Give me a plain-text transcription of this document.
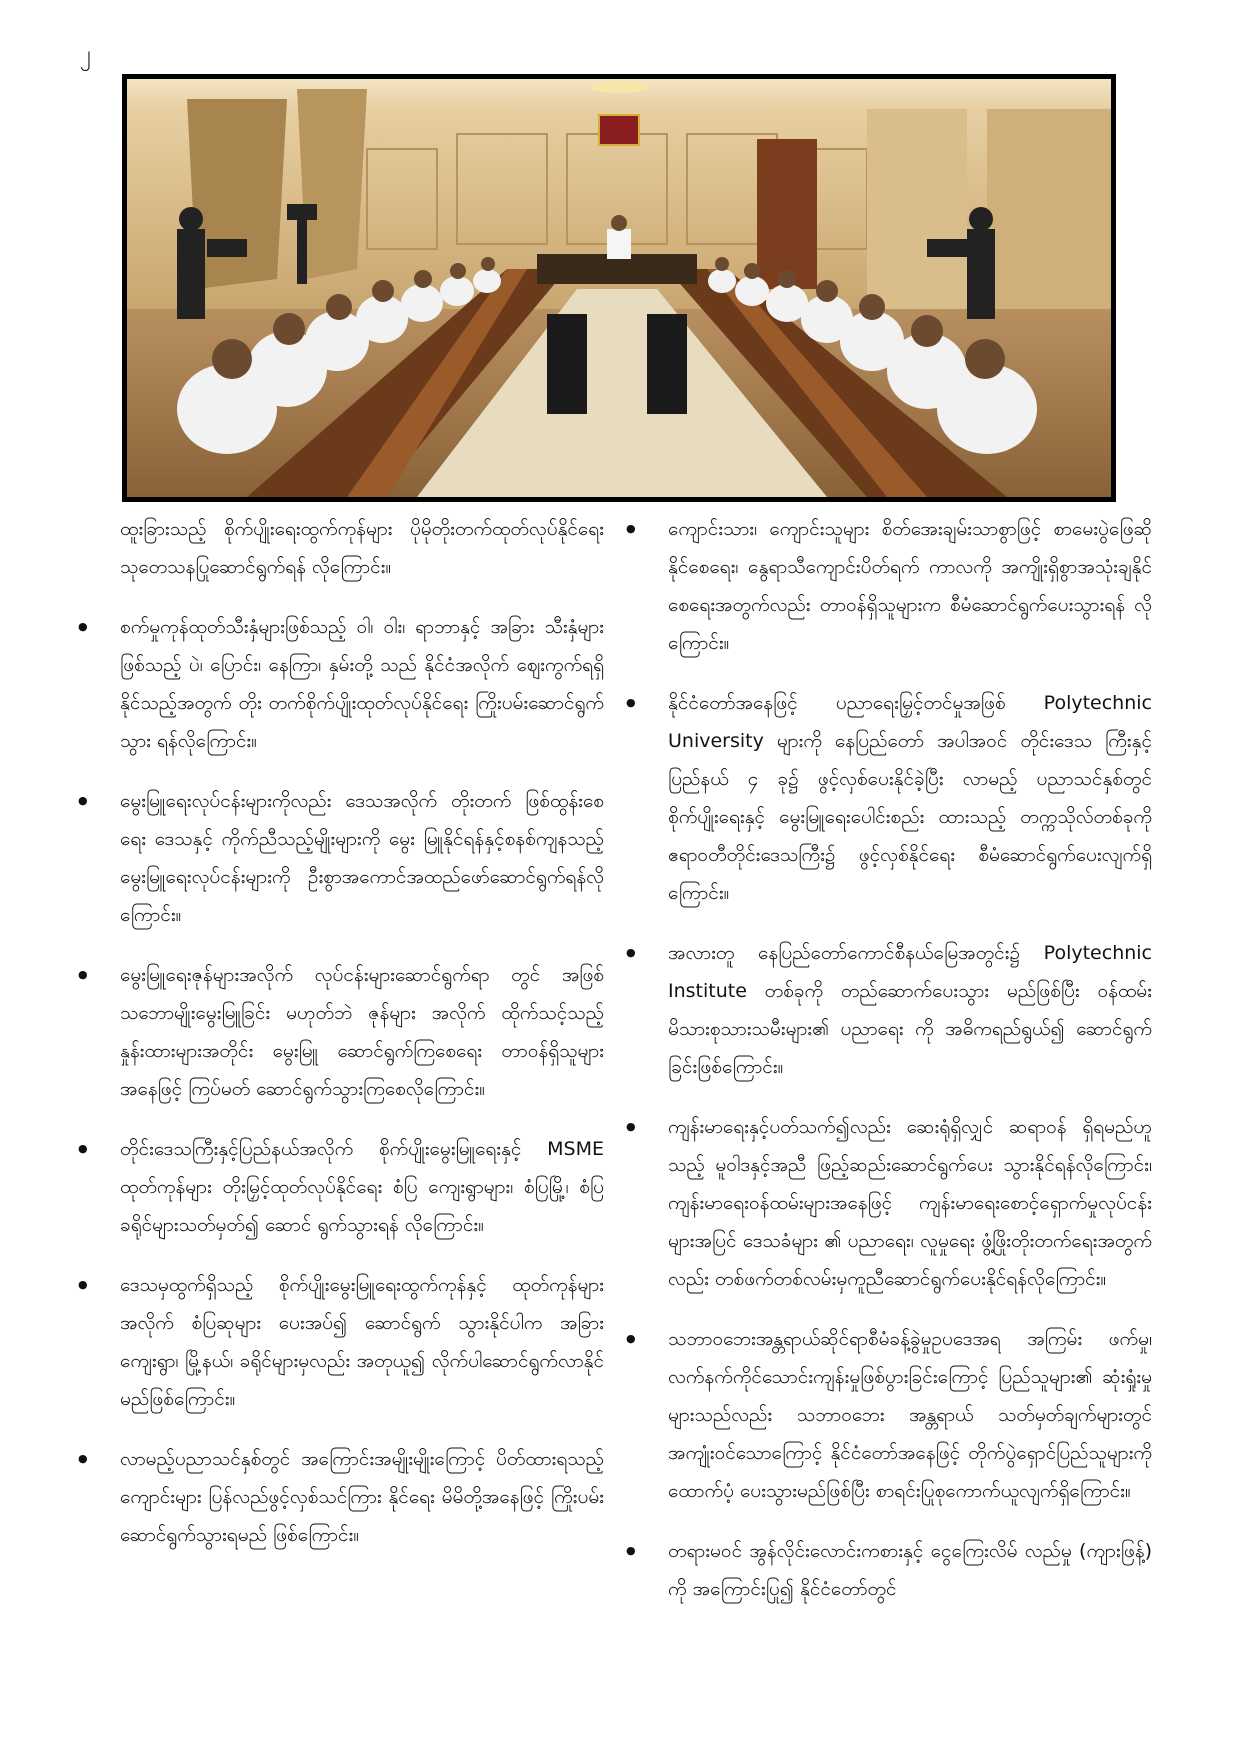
၂

ထူးခြားသည့် စိုက်ပျိုးရေးထွက်ကုန်များ ပိုမိုတိုးတက်ထုတ်လုပ်နိုင်ရေးသုတေသနပြုဆောင်ရွက်ရန် လိုကြောင်း။

● စက်မှုကုန်ထုတ်သီးနှံများဖြစ်သည့် ဝါ၊ ဝါး၊ ရာဘာနှင့် အခြား သီးနှံများဖြစ်သည့် ပဲ၊ ပြောင်း၊ နေကြာ၊ နှမ်းတို့ သည် နိုင်ငံအလိုက် ဈေးကွက်ရရှိနိုင်သည့်အတွက် တိုး တက်စိုက်ပျိုးထုတ်လုပ်နိုင်ရေး ကြိုးပမ်းဆောင်ရွက်သွား ရန်လိုကြောင်း။

● မွေးမြူရေးလုပ်ငန်းများကိုလည်း ဒေသအလိုက် တိုးတက် ဖြစ်ထွန်းစေရေး ဒေသနှင့် ကိုက်ညီသည့်မျိုးများကို မွေး မြူနိုင်ရန်နှင့်စနစ်ကျနသည့် မွေးမြူရေးလုပ်ငန်းများကို ဦးစွာအကောင်အထည်ဖော်ဆောင်ရွက်ရန်လိုကြောင်း။

● မွေးမြူရေးဇုန်များအလိုက် လုပ်ငန်းများဆောင်ရွက်ရာ တွင် အဖြစ်သဘောမျိုးမွေးမြူခြင်း မဟုတ်ဘဲ ဇုန်များ အလိုက် ထိုက်သင့်သည့်နှုန်းထားများအတိုင်း မွေးမြူ ဆောင်ရွက်ကြစေရေး တာဝန်ရှိသူများအနေဖြင့် ကြပ်မတ် ဆောင်ရွက်သွားကြစေလိုကြောင်း။

● တိုင်းဒေသကြီးနှင့်ပြည်နယ်အလိုက် စိုက်ပျိုးမွေးမြူရေးနှင့် MSME ထုတ်ကုန်များ တိုးမြှင့်ထုတ်လုပ်နိုင်ရေး စံပြ ကျေးရွာများ၊ စံပြမြို့၊ စံပြခရိုင်များသတ်မှတ်၍ ဆောင် ရွက်သွားရန် လိုကြောင်း။

● ဒေသမှထွက်ရှိသည့် စိုက်ပျိုးမွေးမြူရေးထွက်ကုန်နှင့် ထုတ်ကုန်များအလိုက် စံပြဆုများ ပေးအပ်၍ ဆောင်ရွက် သွားနိုင်ပါက အခြားကျေးရွာ၊ မြို့နယ်၊ ခရိုင်များမှလည်း အတုယူ၍ လိုက်ပါဆောင်ရွက်လာနိုင်မည်ဖြစ်ကြောင်း။

● လာမည့်ပညာသင်နှစ်တွင် အကြောင်းအမျိုးမျိုးကြောင့် ပိတ်ထားရသည့်ကျောင်းများ ပြန်လည်ဖွင့်လှစ်သင်ကြား နိုင်ရေး မိမိတို့အနေဖြင့် ကြိုးပမ်းဆောင်ရွက်သွားရမည် ဖြစ်ကြောင်း။

● ကျောင်းသား၊ ကျောင်းသူများ စိတ်အေးချမ်းသာစွာဖြင့် စာမေးပွဲဖြေဆိုနိုင်စေရေး၊ နွေရာသီကျောင်းပိတ်ရက် ကာလကို အကျိုးရှိစွာအသုံးချနိုင်စေရေးအတွက်လည်း တာဝန်ရှိသူများက စီမံဆောင်ရွက်ပေးသွားရန် လိုကြောင်း။

● နိုင်ငံတော်အနေဖြင့် ပညာရေးမြှင့်တင်မှုအဖြစ် Polytechnic University များကို နေပြည်တော် အပါအဝင် တိုင်းဒေသ ကြီးနှင့် ပြည်နယ် ၄ ခု၌ ဖွင့်လှစ်ပေးနိုင်ခဲ့ပြီး လာမည့် ပညာသင်နှစ်တွင် စိုက်ပျိုးရေးနှင့် မွေးမြူရေးပေါင်းစည်း ထားသည့် တက္ကသိုလ်တစ်ခုကို ဧရာဝတီတိုင်းဒေသကြီး၌ ဖွင့်လှစ်နိုင်ရေး စီမံဆောင်ရွက်ပေးလျက်ရှိကြောင်း။

● အလားတူ နေပြည်တော်ကောင်စီနယ်မြေအတွင်း၌ Polytechnic Institute တစ်ခုကို တည်ဆောက်ပေးသွား မည်ဖြစ်ပြီး ဝန်ထမ်းမိသားစုသားသမီးများ၏ ပညာရေး ကို အဓိကရည်ရွယ်၍ ဆောင်ရွက်ခြင်းဖြစ်ကြောင်း။

● ကျန်းမာရေးနှင့်ပတ်သက်၍လည်း ဆေးရုံရှိလျှင် ဆရာဝန် ရှိရမည်ဟူသည့် မူဝါဒနှင့်အညီ ဖြည့်ဆည်းဆောင်ရွက်ပေး သွားနိုင်ရန်လိုကြောင်း၊ ကျန်းမာရေးဝန်ထမ်းများအနေဖြင့် ကျန်းမာရေးစောင့်ရှောက်မှုလုပ်ငန်းများအပြင် ဒေသခံများ ၏ ပညာရေး၊ လူမှုရေး ဖွံ့ဖြိုးတိုးတက်ရေးအတွက်လည်း တစ်ဖက်တစ်လမ်းမှကူညီဆောင်ရွက်ပေးနိုင်ရန်လိုကြောင်း။

● သဘာဝဘေးအန္တရာယ်ဆိုင်ရာစီမံခန့်ခွဲမှုဥပဒေအရ အကြမ်း ဖက်မှု၊ လက်နက်ကိုင်သောင်းကျန်းမှုဖြစ်ပွားခြင်းကြောင့် ပြည်သူများ၏ ဆုံးရှုံးမှုများသည်လည်း သဘာဝဘေး အန္တရာယ် သတ်မှတ်ချက်များတွင် အကျုံးဝင်သောကြောင့် နိုင်ငံတော်အနေဖြင့် တိုက်ပွဲရှောင်ပြည်သူများကို ထောက်ပံ့ ပေးသွားမည်ဖြစ်ပြီး စာရင်းပြုစုကောက်ယူလျက်ရှိကြောင်း။

● တရားမဝင် အွန်လိုင်းလောင်းကစားနှင့် ငွေကြေးလိမ် လည်မှု (ကျားဖြန့်) ကို အကြောင်းပြု၍ နိုင်ငံတော်တွင်
